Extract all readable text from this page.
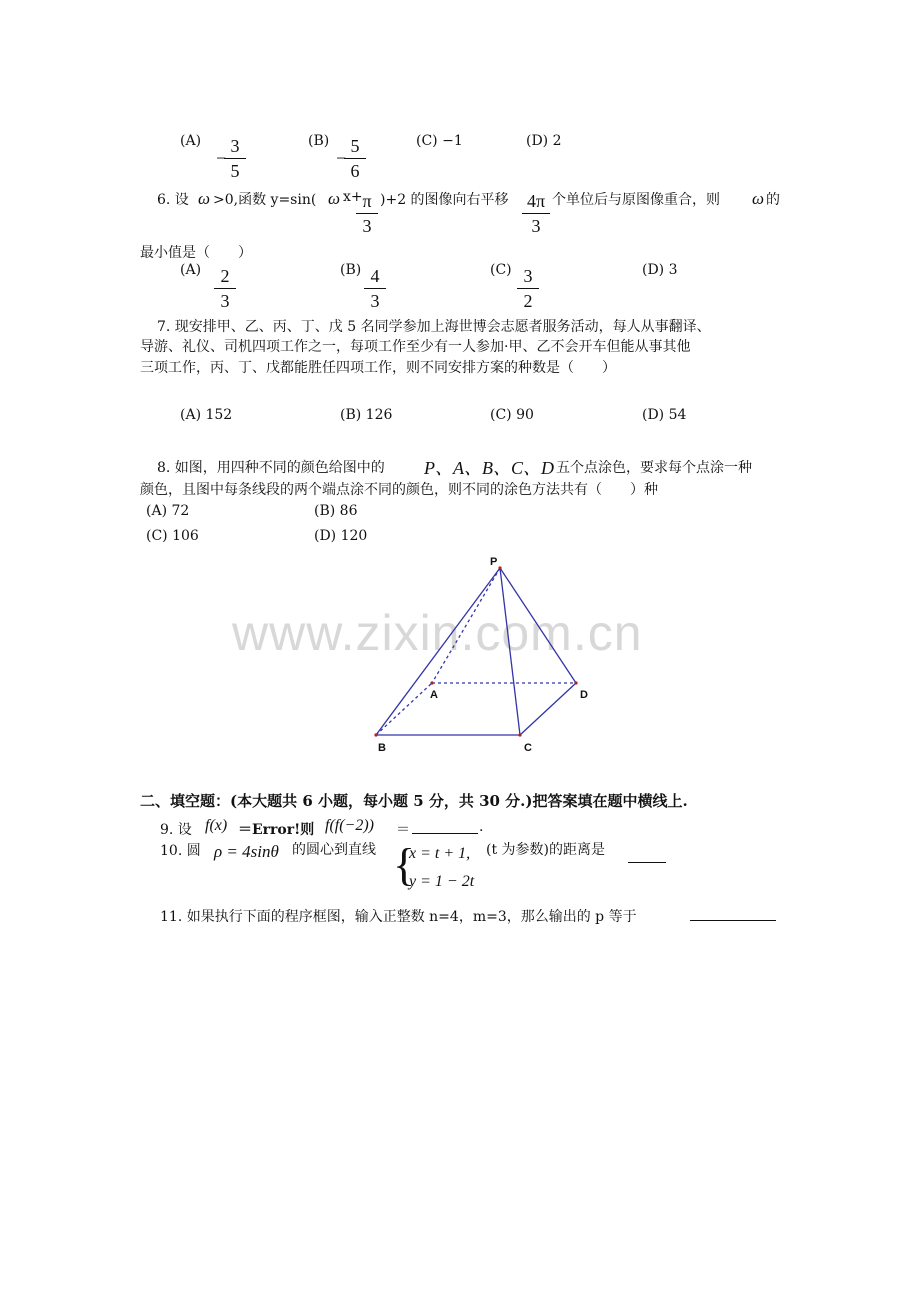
(A)
−
3
5
(B)
−
5
6
(C) −1	(D) 2
6. 设 ω >0,函数 y=sin( ω x+ π
3
)+2 的图像向右平移 4π
3
个单位后与原图像重合，则 ω 的
最小值是（　　）
(A)	2
3
(B) 4
3
(C) 3
2
(D) 3
7. 现安排甲、乙、丙、丁、戊 5 名同学参加上海世博会志愿者服务活动，每人从事翻译、
导游、礼仪、司机四项工作之一，每项工作至少有一人参加·甲、乙不会开车但能从事其他
三项工作，丙、丁、戊都能胜任四项工作，则不同安排方案的种数是（　　）
(A) 152	(B) 126	(C) 90	(D) 54
8. 如图，用四种不同的颜色给图中的 P、A、B、C、D 五个点涂色，要求每个点涂一种
颜色，且图中每条线段的两个端点涂不同的颜色，则不同的涂色方法共有（　　）种
(A) 72	(B) 86
(C) 106	(D) 120
www.zixin.com.cn
P
A
B	C
D
二、填空题：(本大题共 6 小题，每小题 5 分，共 30 分.)把答案填在题中横线上.
9. 设 f(x) ＝Error!则 f(f(−2)) ＝	.
10. 圆 ρ = 4sinθ 的圆心到直线 {
x = t + 1,
y = 1 − 2t
(t 为参数)的距离是
11. 如果执行下面的程序框图，输入正整数 n=4，m=3，那么输出的 p 等于
